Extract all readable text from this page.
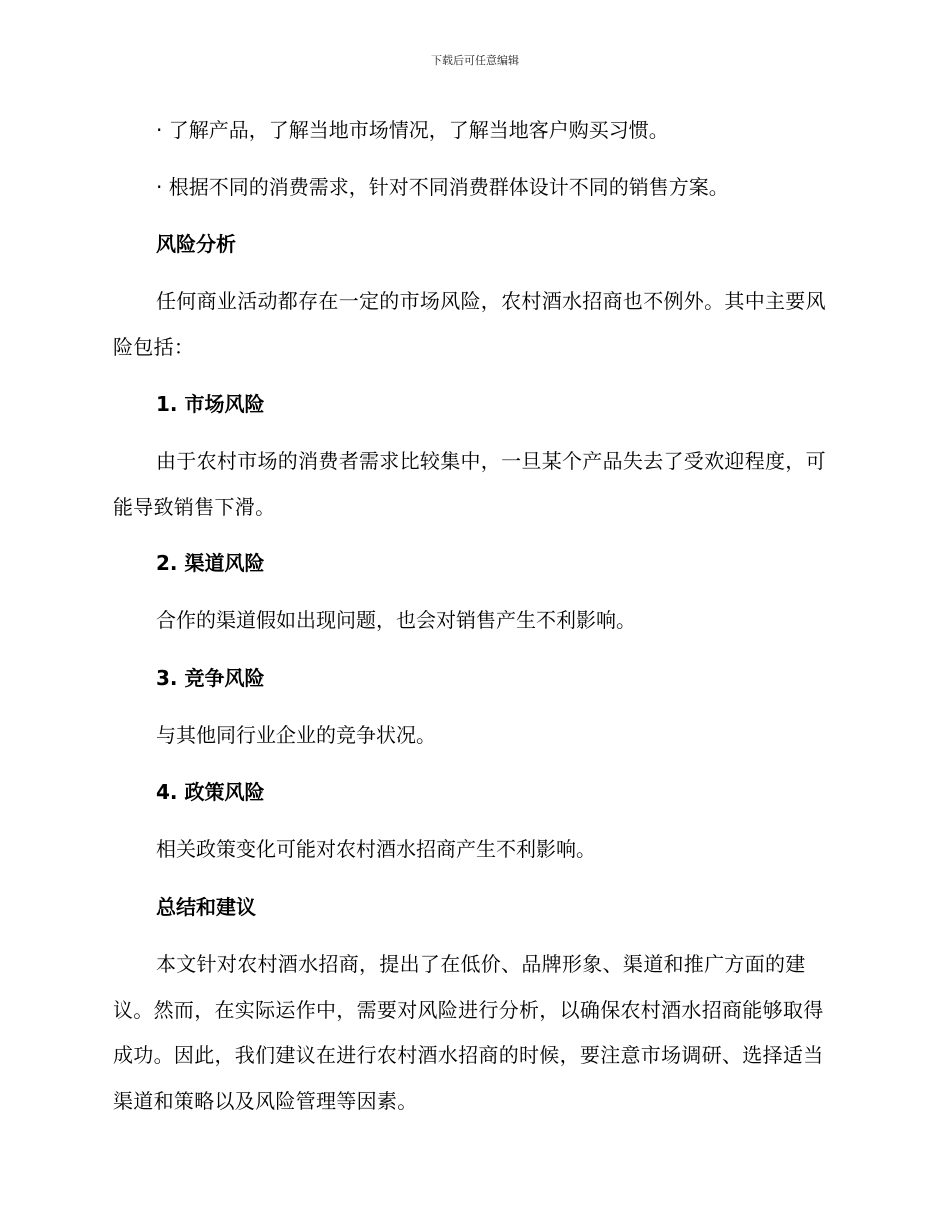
下载后可任意编辑
· 了解产品，了解当地市场情况，了解当地客户购买习惯。
· 根据不同的消费需求，针对不同消费群体设计不同的销售方案。
风险分析
任何商业活动都存在一定的市场风险，农村酒水招商也不例外。其中主要风险包括：
1. 市场风险
由于农村市场的消费者需求比较集中，一旦某个产品失去了受欢迎程度，可能导致销售下滑。
2. 渠道风险
合作的渠道假如出现问题，也会对销售产生不利影响。
3. 竞争风险
与其他同行业企业的竞争状况。
4. 政策风险
相关政策变化可能对农村酒水招商产生不利影响。
总结和建议
本文针对农村酒水招商，提出了在低价、品牌形象、渠道和推广方面的建议。然而，在实际运作中，需要对风险进行分析，以确保农村酒水招商能够取得成功。因此，我们建议在进行农村酒水招商的时候，要注意市场调研、选择适当渠道和策略以及风险管理等因素。
